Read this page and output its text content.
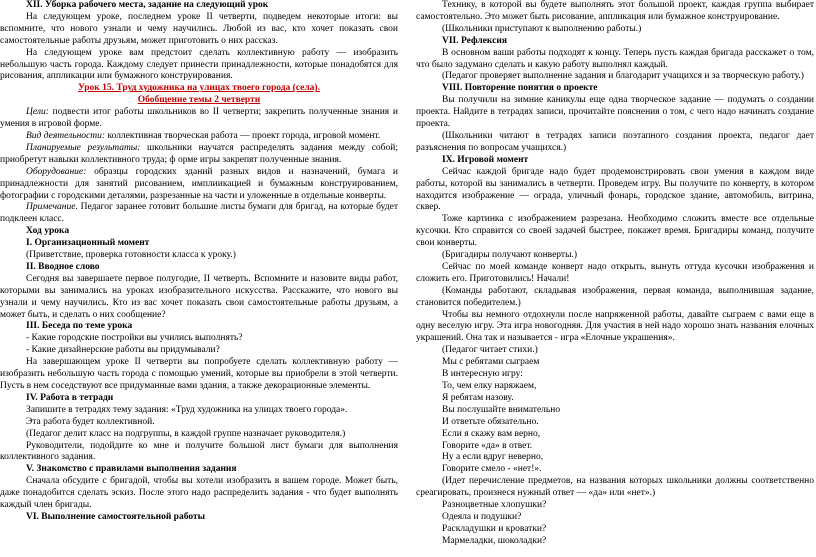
XII. Уборка рабочего места, задание на следующий урок

На следующем уроке, последнем уроке II четверти, подведем некоторые итоги: вы вспомните, что нового узнали и чему научились. Любой из вас, кто хочет показать свои самостоятельные работы друзьям, может приготовить о них рассказ.

На следующем уроке вам предстоит сделать коллективную работу — изобразить небольшую часть города. Каждому следует принести принадлежности, которые понадобятся для рисования, аппликации или бумажного конструирования.

Урок 15. Труд художника на улицах твоего города (села).

Обобщение темы 2 четверти

Цели: подвести итог работы школьников во II четверти; закрепить полученные знания и умения в игровой форме.

Вид деятельности: коллективная творческая работа — проект города, игровой момент.

Планируемые результаты: школьники научатся распределять задания между собой; приобретут навыки коллективного труда; ф орме игры закрепят полученные знания.

Оборудование: образцы городских зданий разных видов и назначений, бумага и принадлежности для занятий рисованием, имплиикацией и бумажным конструированием, фотографии с городскими деталями, разрезанные на части и уложенные в отдельные конверты.

Примечание. Педагог заранее готовит большие листы бумаги для бригад, на которые будет подклеен класс.

Ход урока

I. Организационный момент

(Приветствие, проверка готовности класса к уроку.)

II. Вводное слово

Сегодня вы завершаете первое полугодие, II четверть. Вспомните и назовите виды работ, которыми вы занимались на уроках изобразительного искусства. Расскажите, что нового вы узнали и чему научились. Кто из вас хочет показать свои самостоятельные работы друзьям, а может быть, и сделать о них сообщение?

III. Беседа по теме урока

- Какие городские постройки вы учились выполнять?

- Какие дизайнерские работы вы придумывали?

На завершающем уроке II четверти вы попробуете сделать коллективную работу — изобразить небольшую часть города с помощью умений, которые вы приобрели в этой четверти. Пусть в нем соседствуют все придуманные вами здания, а также декорационные элементы.

IV. Работа в тетради

Запишите в тетрадях тему задания: «Труд художника на улицах твоего города».

Эта работа будет коллективной.

(Педагог делит класс на подгруппы, в каждой группе назначает руководителя.)

Руководители, подойдите ко мне и получите большой лист бумаги для выполнения коллективного задания.

V. Знакомство с правилами выполнения задания

Сначала обсудите с бригадой, чтобы вы хотели изобразить в вашем городе. Может быть, даже понадобится сделать эскиз. После этого надо распределить задания - что будет выполнять каждый член бригады.

VI. Выполнение самостоятельной работы

Технику, в которой вы будете выполнять этот большой проект, каждая группа выбирает самостоятельно. Это может быть рисование, аппликация или бумажное конструирование.

(Школьники приступают к выполнению работы.)

VII. Рефлексия

В основном ваши работы подходят к концу. Теперь пусть каждая бригада расскажет о том, что было задумано сделать и какую работу выполнял каждый.

(Педагог проверяет выполнение задания и благодарит учащихся и за творческую работу.)

VIII. Повторение понятия о проекте

Вы получили на зимние каникулы еще одна творческое задание — подумать о создании проекта. Найдите в тетрадях записи, прочитайте пояснения о том, с чего надо начинать создание проекта.

(Школьники читают в тетрадях записи поэтапного создания проекта, педагог дает разъяснения по вопросам учащихся.)

IX. Игровой момент

Сейчас каждой бригаде надо будет продемонстрировать свои умения в каждом виде работы, которой вы занимались в четверти. Проведем игру. Вы получите по конверту, в котором находится изображение — ограда, уличный фонарь, городское здание, автомобиль, витрина, сквер.

Тоже картинка с изображением разрезана. Необходимо сложить вместе все отдельные кусочки. Кто справится со своей задачей быстрее, покажет время. Бригадиры команд, получите свои конверты.

(Бригадиры получают конверты.)

Сейчас по моей команде конверт надо открыть, вынуть оттуда кусочки изображения и сложить его. Приготовились! Начали!

(Команды работают, складывая изображения, первая команда, выполнившая задание, становится победителем.)

Чтобы вы немного отдохнули после напряженной работы, давайте сыграем с вами еще в одну веселую игру. Эта игра новогодняя. Для участия в ней надо хорошо знать названия елочных украшений. Она так и называется - игра «Елочные украшения».

(Педагог читает стихи.)

Мы с ребятами сыграем

В интересную игру:

То, чем елку наряжаем,

Я ребятам назову.

Вы послушайте внимательно

И ответьте обязательно.

Если я скажу вам верно,

Говорите «да» в ответ.

Ну а если вдруг неверно,

Говорите смело - «нет!».

(Идет перечисление предметов, на названия которых школьники должны соответственно среагировать, произнеся нужный ответ — «да» или «нет».)

Разноцветные хлопушки?

Одеяла и подушки?

Раскладушки и кроватки?

Мармеладки, шоколадки?
